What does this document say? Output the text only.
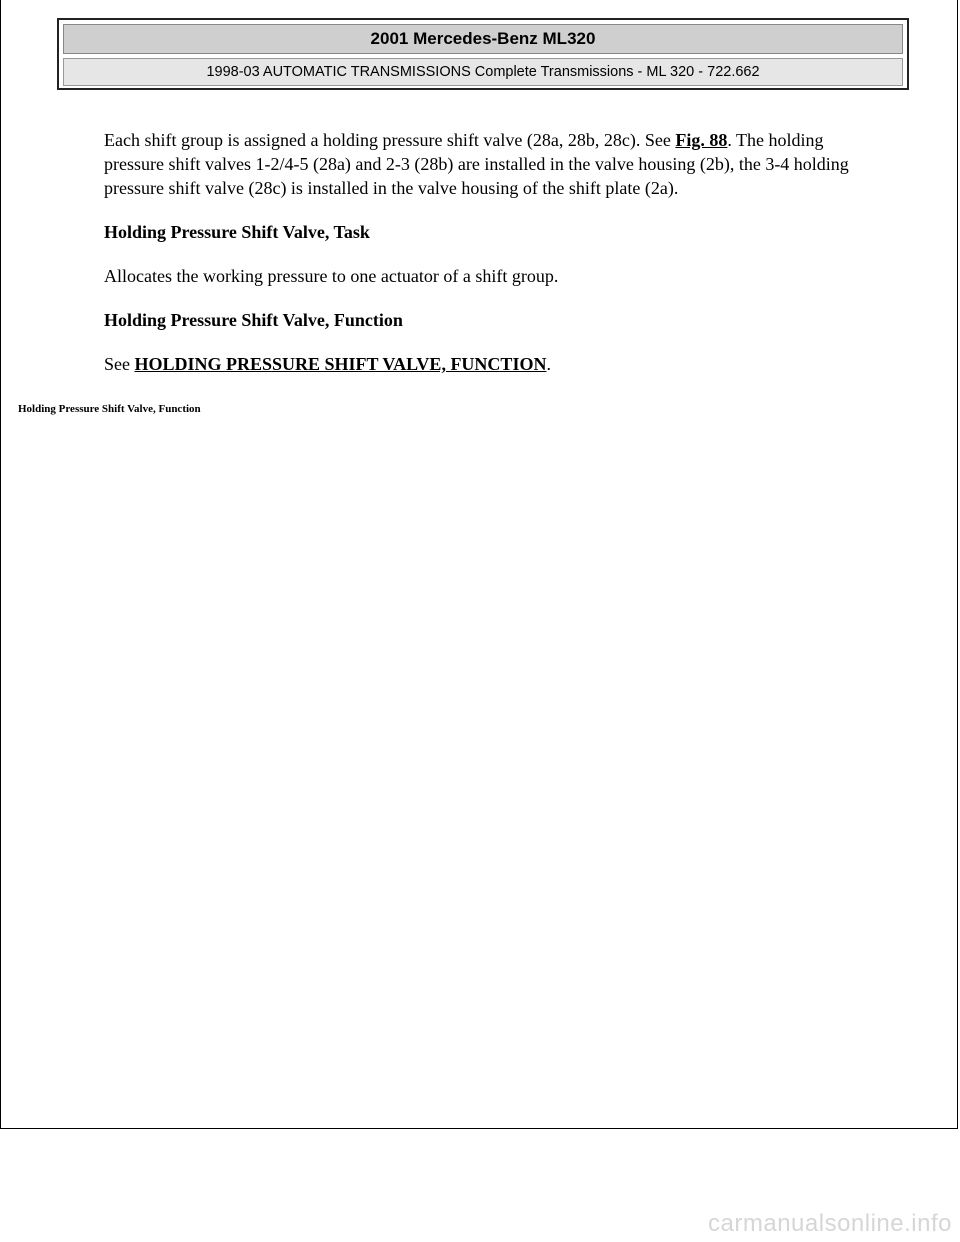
2001 Mercedes-Benz ML320
1998-03 AUTOMATIC TRANSMISSIONS Complete Transmissions - ML 320 - 722.662

Each shift group is assigned a holding pressure shift valve (28a, 28b, 28c). See Fig. 88. The holding pressure shift valves 1-2/4-5 (28a) and 2-3 (28b) are installed in the valve housing (2b), the 3-4 holding pressure shift valve (28c) is installed in the valve housing of the shift plate (2a).

Holding Pressure Shift Valve, Task

Allocates the working pressure to one actuator of a shift group.

Holding Pressure Shift Valve, Function

See HOLDING PRESSURE SHIFT VALVE, FUNCTION.

Holding Pressure Shift Valve, Function
carmanualsonline.info
